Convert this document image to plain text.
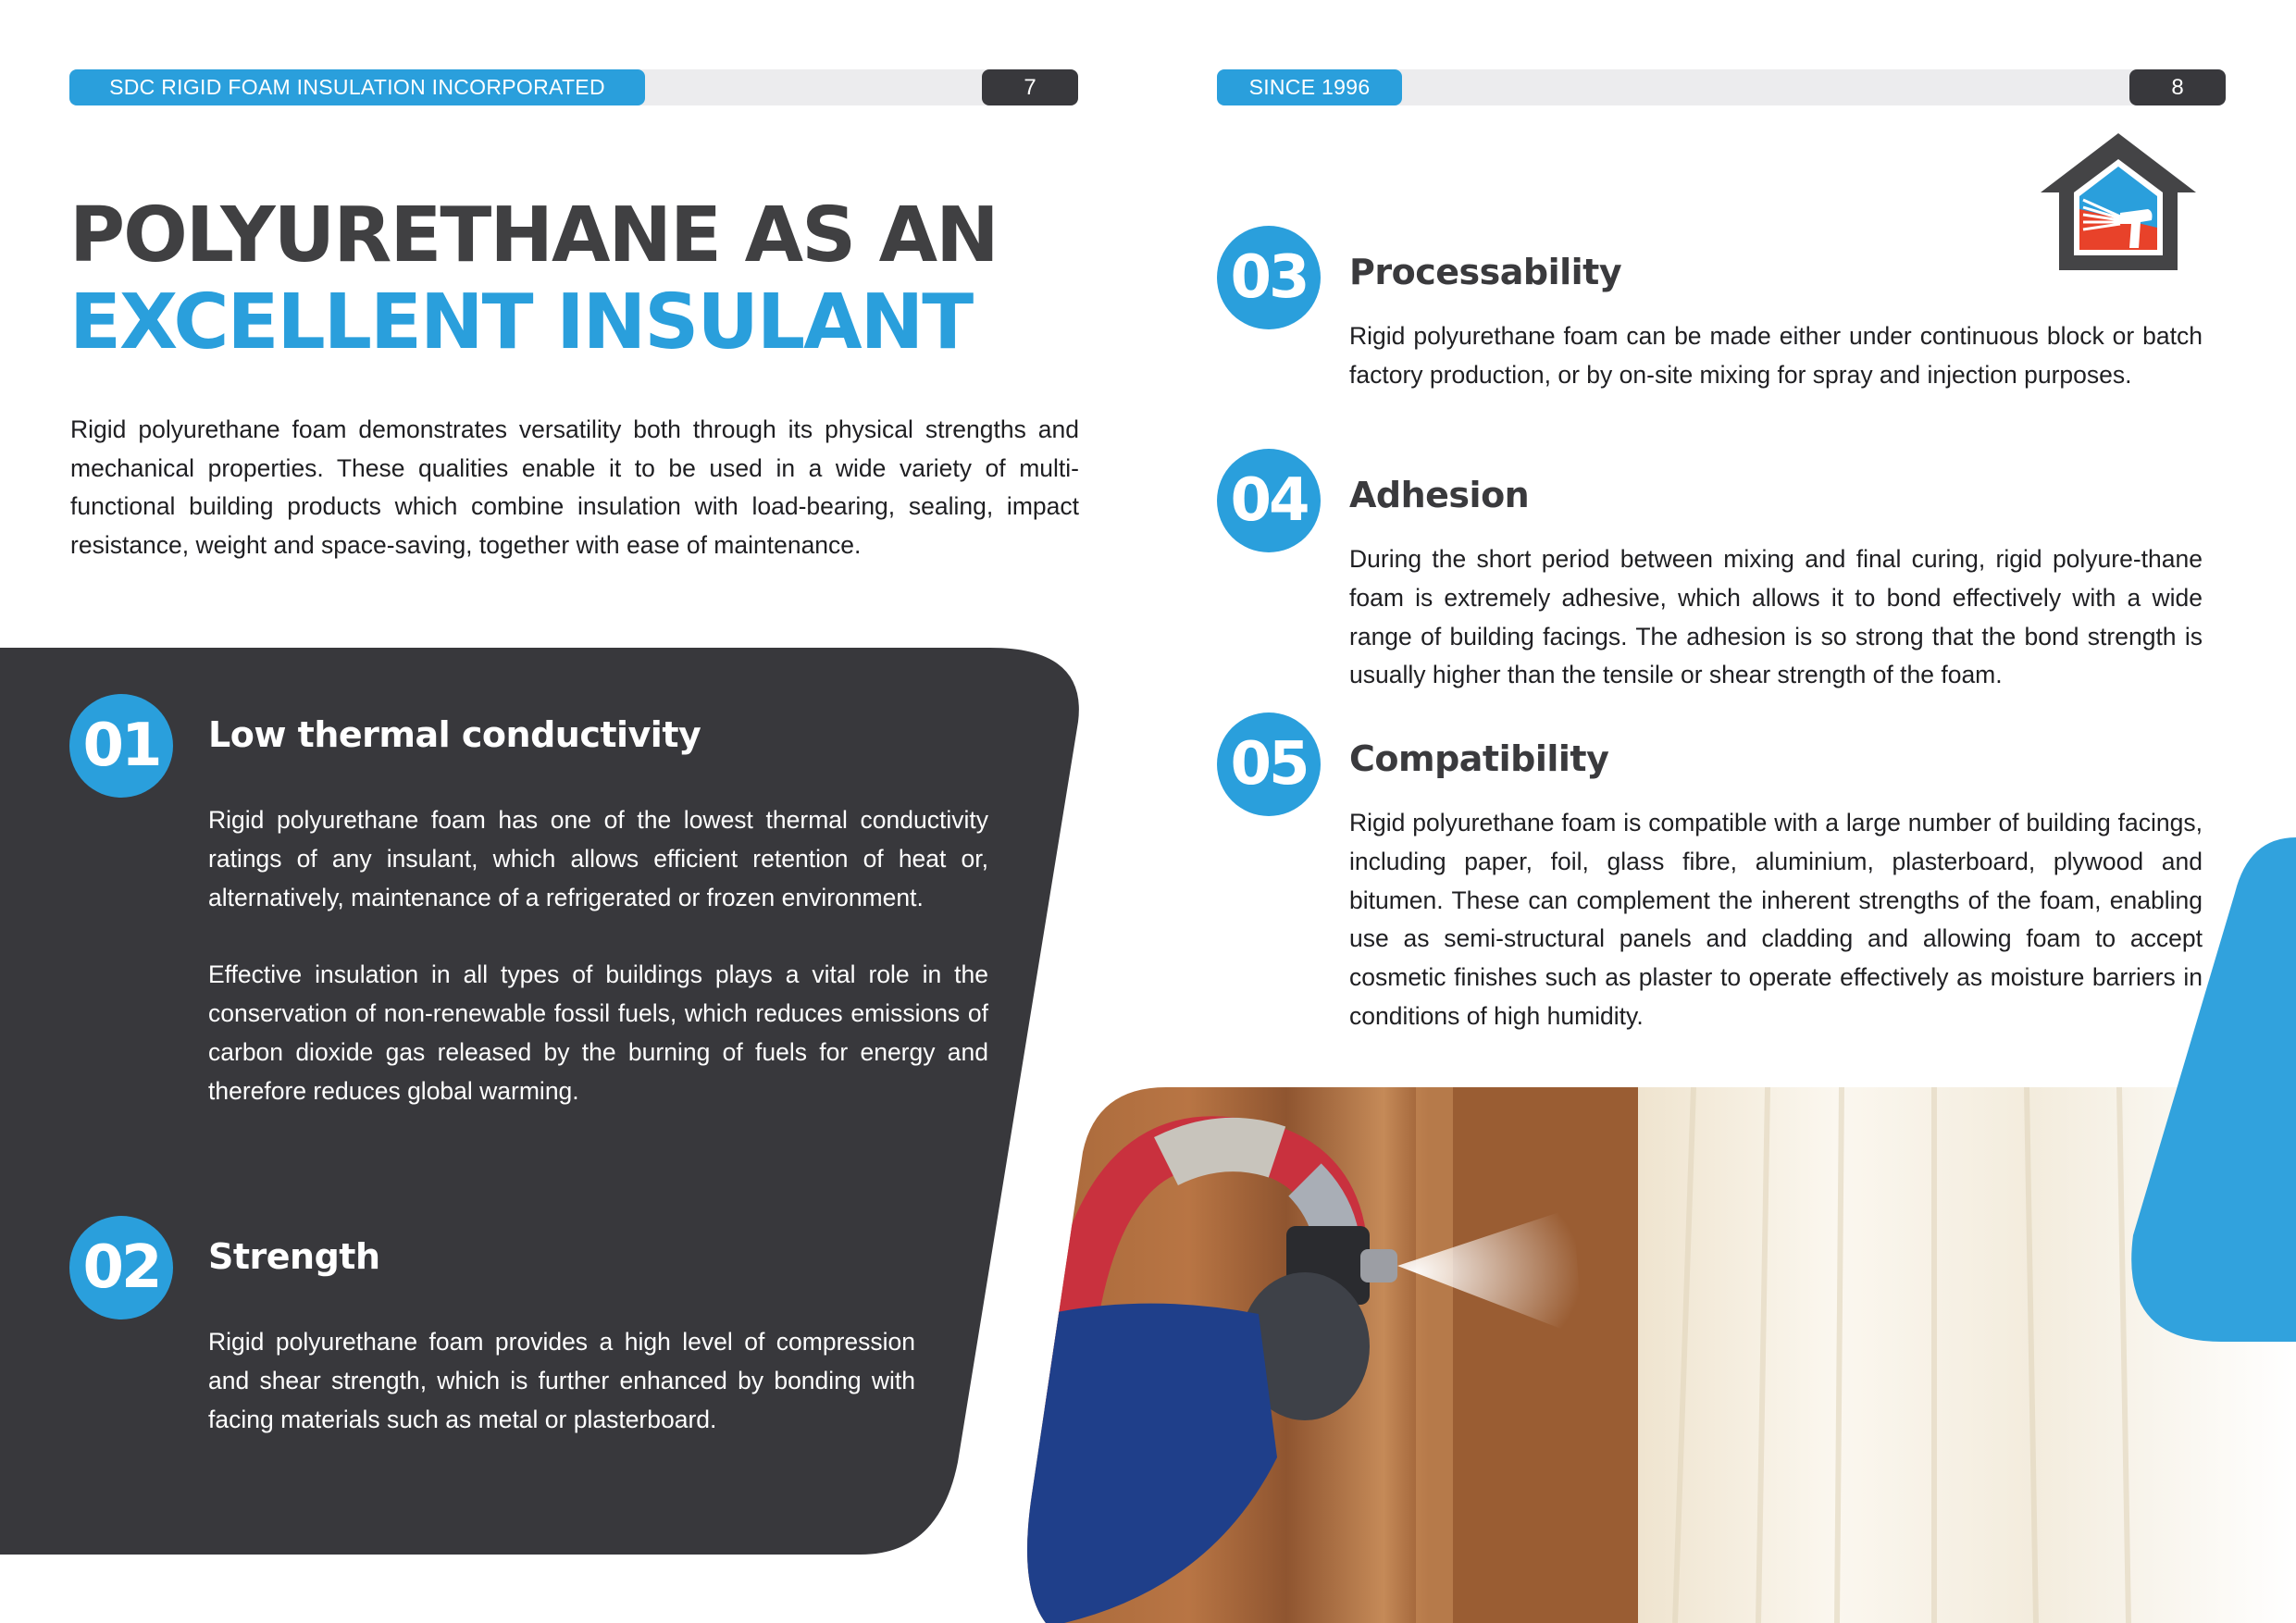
SDC RIGID FOAM INSULATION INCORPORATED	7	SINCE 1996	8
POLYURETHANE AS AN
EXCELLENT INSULANT

Rigid polyurethane foam demonstrates versatility both through its physical strengths and mechanical properties. These qualities enable it to be used in a wide variety of multi-functional building products which combine insulation with load-bearing, sealing, impact resistance, weight and space-saving, together with ease of maintenance.

01	Low thermal conductivity

Rigid polyurethane foam has one of the lowest thermal conductivity ratings of any insulant, which allows efficient retention of heat or, alternatively, maintenance of a refrigerated or frozen environment.

Effective insulation in all types of buildings plays a vital role in the conservation of non-renewable fossil fuels, which reduces emissions of carbon dioxide gas released by the burning of fuels for energy and therefore reduces global warming.

02	Strength

Rigid polyurethane foam provides a high level of compression and shear strength, which is further enhanced by bonding with facing materials such as metal or plasterboard.

03	Processability

Rigid polyurethane foam can be made either under continuous block or batch factory production, or by on-site mixing for spray and injection purposes.

04	Adhesion

During the short period between mixing and final curing, rigid polyure-thane foam is extremely adhesive, which allows it to bond effectively with a wide range of building facings. The adhesion is so strong that the bond strength is usually higher than the tensile or shear strength of the foam.

05	Compatibility

Rigid polyurethane foam is compatible with a large number of building facings, including paper, foil, glass fibre, aluminium, plasterboard, plywood and bitumen. These can complement the inherent strengths of the foam, enabling use as semi-structural panels and cladding and allowing foam to accept cosmetic finishes such as plaster to operate effectively as moisture barriers in conditions of high humidity.
